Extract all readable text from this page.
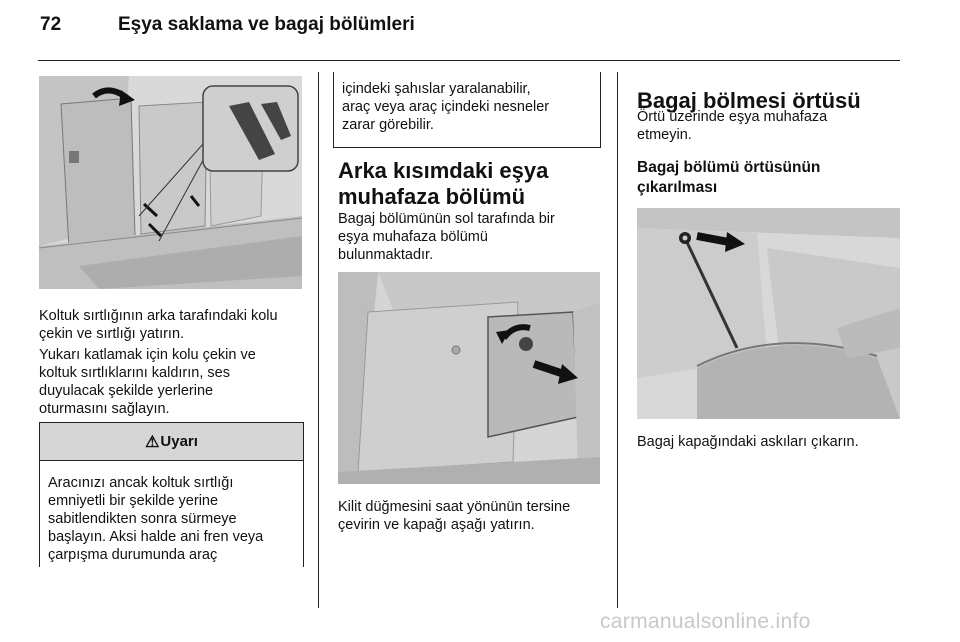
72	Eşya saklama ve bagaj bölümleri

Koltuk sırtlığının arka tarafındaki kolu
çekin ve sırtlığı yatırın.

Yukarı katlamak için kolu çekin ve
koltuk sırtlıklarını kaldırın, ses
duyulacak şekilde yerlerine
oturmasını sağlayın.

⚠ Uyarı

Aracınızı ancak koltuk sırtlığı
emniyetli bir şekilde yerine
sabitlendikten sonra sürmeye
başlayın. Aksi halde ani fren veya
çarpışma durumunda araç

içindeki şahıslar yaralanabilir,
araç veya araç içindeki nesneler
zarar görebilir.

Arka kısımdaki eşya
muhafaza bölümü

Bagaj bölümünün sol tarafında bir
eşya muhafaza bölümü
bulunmaktadır.

Kilit düğmesini saat yönünün tersine
çevirin ve kapağı aşağı yatırın.

Bagaj bölmesi örtüsü

Örtü üzerinde eşya muhafaza
etmeyin.

Bagaj bölümü örtüsünün
çıkarılması

Bagaj kapağındaki askıları çıkarın.

carmanualsonline.info
